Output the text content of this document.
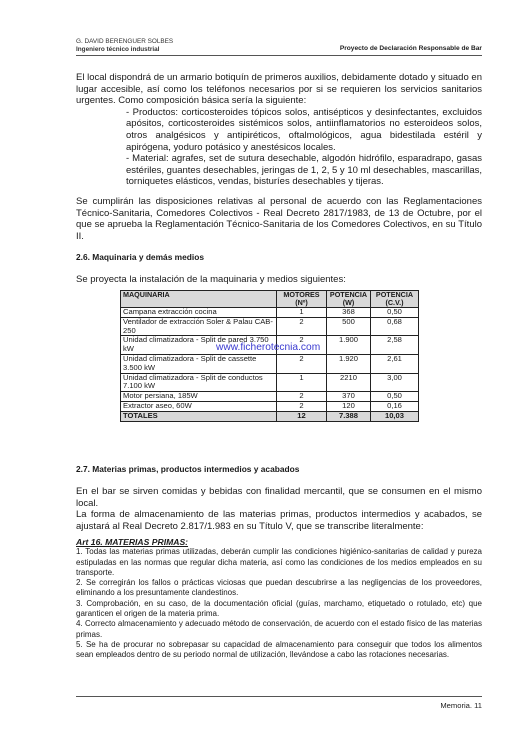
G. DAVID BERENGUER SOLBES
Ingeniero técnico industrial	Proyecto de Declaración Responsable de Bar
El local dispondrá de un armario botiquín de primeros auxilios, debidamente dotado y situado en lugar accesible, así como los teléfonos necesarios por si se requieren los servicios sanitarios urgentes. Como composición básica sería la siguiente:
- Productos: corticosteroides tópicos solos, antisépticos y desinfectantes, excluidos apósitos, corticosteroides sistémicos solos, antiinflamatorios no esteroideos solos, otros analgésicos y antipiréticos, oftalmológicos, agua bidestilada estéril y apirógena, yoduro potásico y anestésicos locales.
- Material: agrafes, set de sutura desechable, algodón hidrófilo, esparadrapo, gasas estériles, guantes desechables, jeringas de 1, 2, 5 y 10 ml desechables, mascarillas, torniquetes elásticos, vendas, bisturíes desechables y tijeras.
Se cumplirán las disposiciones relativas al personal de acuerdo con las Reglamentaciones Técnico-Sanitaria, Comedores Colectivos - Real Decreto 2817/1983, de 13 de Octubre, por el que se aprueba la Reglamentación Técnico-Sanitaria de los Comedores Colectivos, en su Título II.
2.6. Maquinaria y demás medios
Se proyecta la instalación de la maquinaria y medios siguientes:
MAQUINARIA	MOTORES (Nº)	POTENCIA (W)	POTENCIA (C.V.)
Campana extracción cocina	1	368	0,50
Ventilador de extracción Soler & Palau CAB-250	2	500	0,68
Unidad climatizadora - Split de pared 3.750 kW	2	1.900	2,58
Unidad climatizadora - Split de cassette 3.500 kW	2	1.920	2,61
Unidad climatizadora - Split de conductos 7.100 kW	1	2210	3,00
Motor persiana, 185W	2	370	0,50
Extractor aseo, 60W	2	120	0,16
TOTALES	12	7.388	10,03
www.ficherotecnia.com
2.7. Materias primas, productos intermedios y acabados
En el bar se sirven comidas y bebidas con finalidad mercantil, que se consumen en el mismo local.
La forma de almacenamiento de las materias primas, productos intermedios y acabados, se ajustará al Real Decreto 2.817/1.983 en su Título V, que se transcribe literalmente:
Art 16. MATERIAS PRIMAS:
1. Todas las materias primas utilizadas, deberán cumplir las condiciones higiénico-sanitarias de calidad y pureza estipuladas en las normas que regular dicha materia, así como las condiciones de los medios empleados en su transporte.
2. Se corregirán los fallos o prácticas viciosas que puedan descubrirse a las negligencias de los proveedores, eliminando a los presuntamente clandestinos.
3. Comprobación, en su caso, de la documentación oficial (guías, marchamo, etiquetado o rotulado, etc) que garanticen el origen de la materia prima.
4. Correcto almacenamiento y adecuado método de conservación, de acuerdo con el estado físico de las materias primas.
5. Se ha de procurar no sobrepasar su capacidad de almacenamiento para conseguir que todos los alimentos sean empleados dentro de su periodo normal de utilización, llevándose a cabo las rotaciones necesarias.
Memoria. 11
